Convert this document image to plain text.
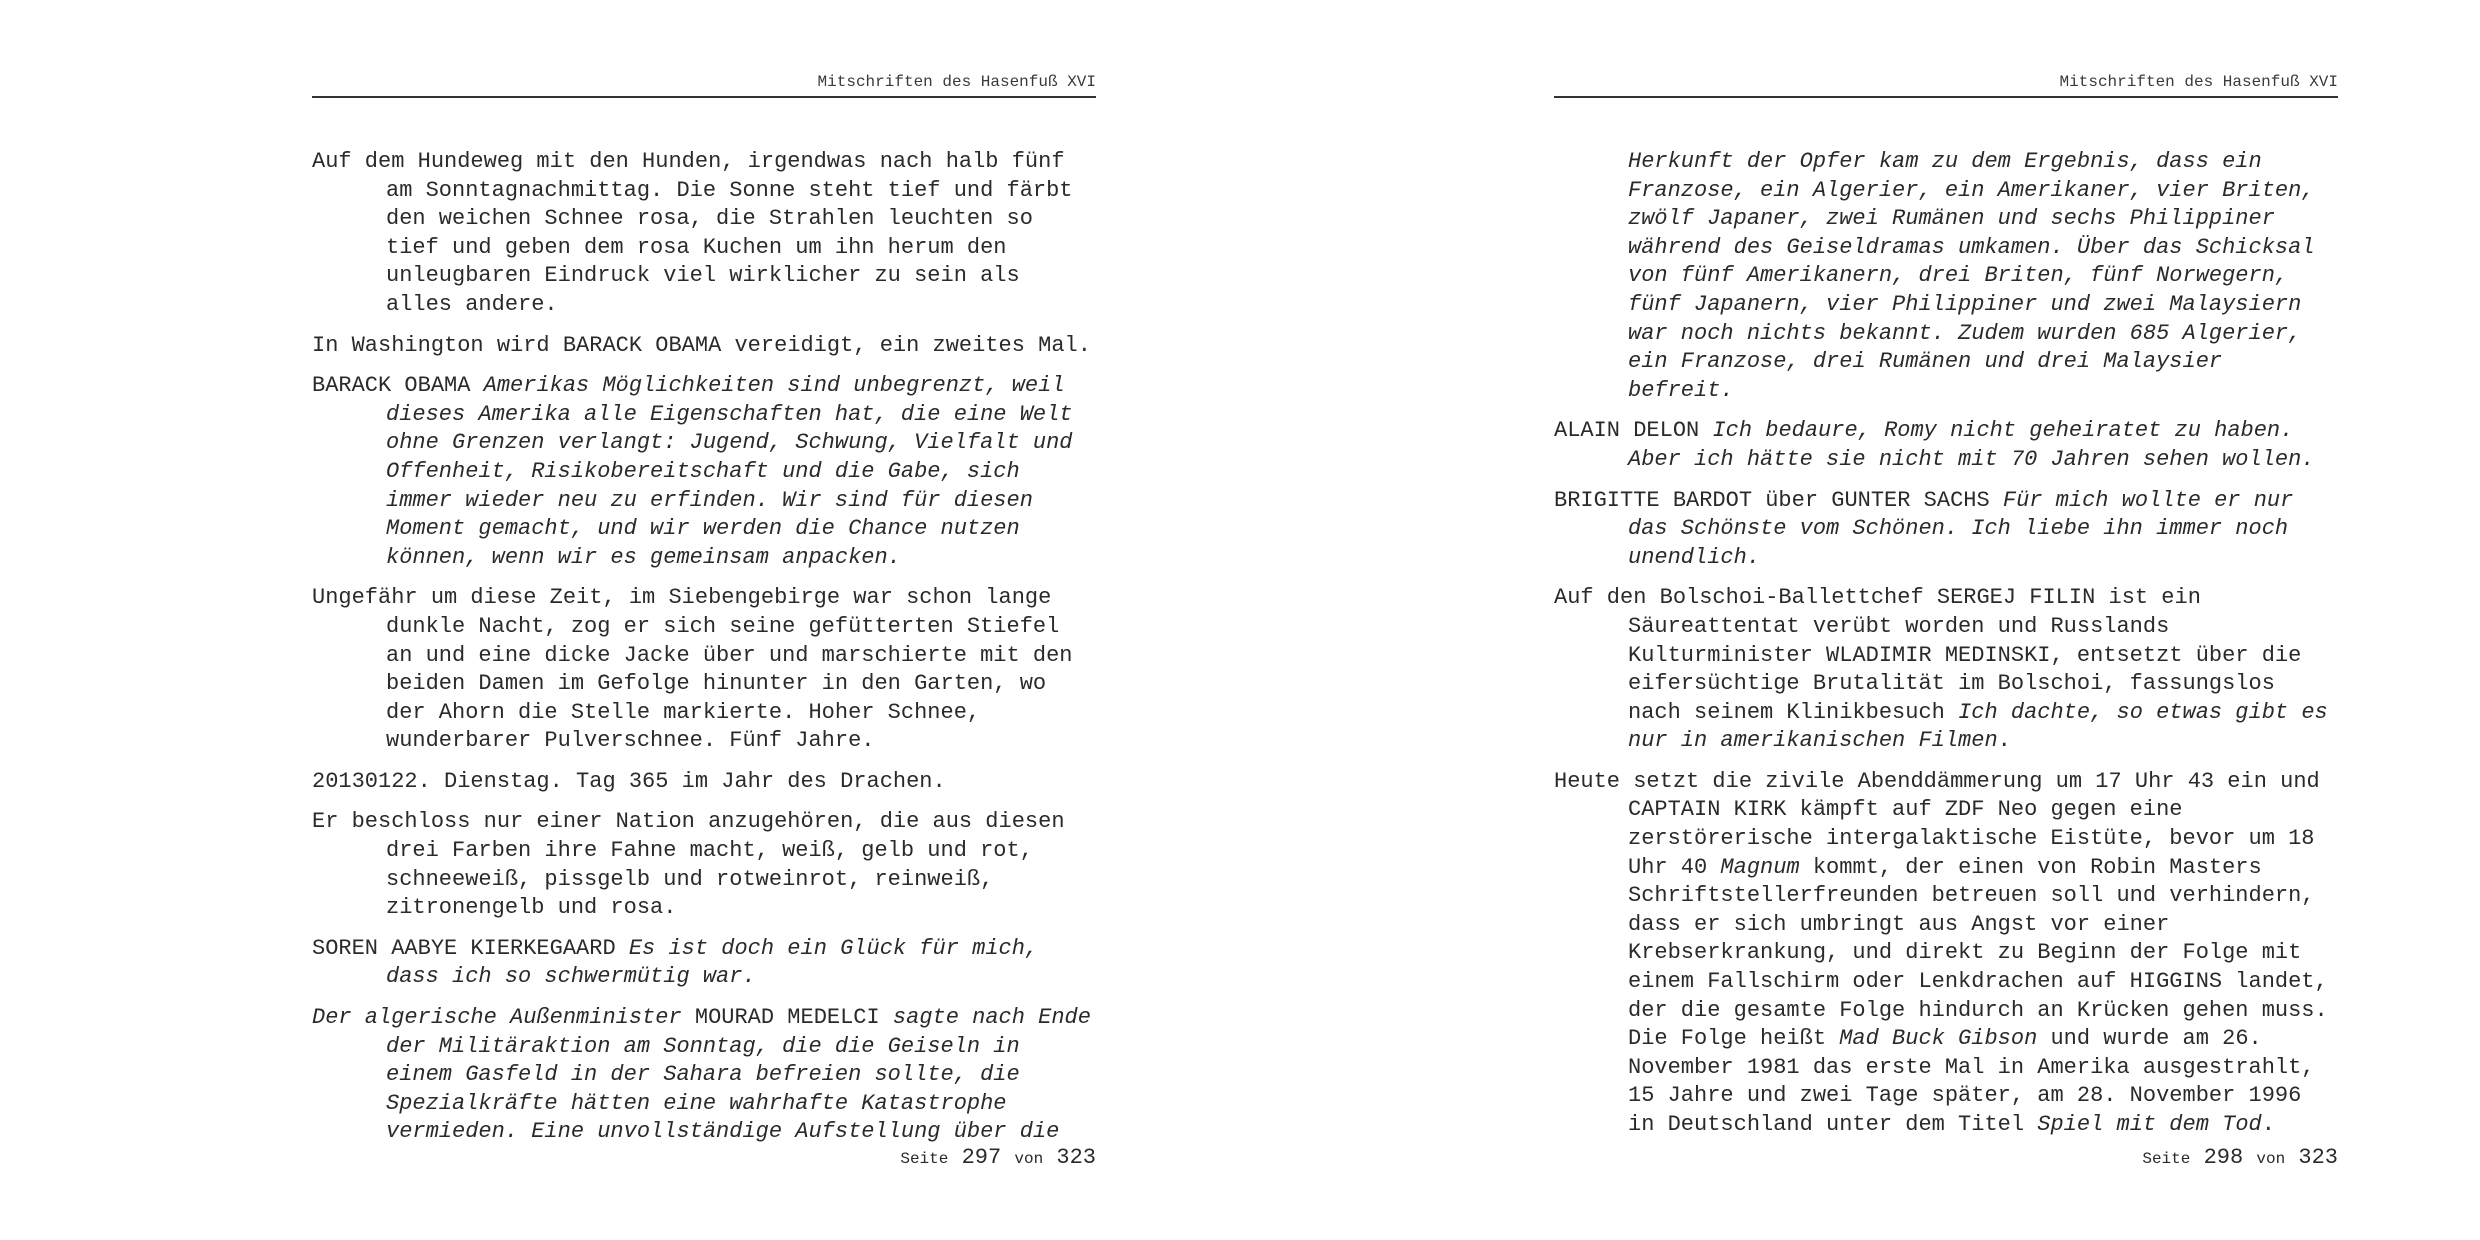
Mitschriften des Hasenfuß XVI

Auf dem Hundeweg mit den Hunden, irgendwas nach halb fünf am Sonntagnachmittag. Die Sonne steht tief und färbt den weichen Schnee rosa, die Strahlen leuchten so tief und geben dem rosa Kuchen um ihn herum den unleugbaren Eindruck viel wirklicher zu sein als alles andere.

In Washington wird BARACK OBAMA vereidigt, ein zweites Mal.

BARACK OBAMA Amerikas Möglichkeiten sind unbegrenzt, weil dieses Amerika alle Eigenschaften hat, die eine Welt ohne Grenzen verlangt: Jugend, Schwung, Vielfalt und Offenheit, Risikobereitschaft und die Gabe, sich immer wieder neu zu erfinden. Wir sind für diesen Moment gemacht, und wir werden die Chance nutzen können, wenn wir es gemeinsam anpacken.

Ungefähr um diese Zeit, im Siebengebirge war schon lange dunkle Nacht, zog er sich seine gefütterten Stiefel an und eine dicke Jacke über und marschierte mit den beiden Damen im Gefolge hinunter in den Garten, wo der Ahorn die Stelle markierte. Hoher Schnee, wunderbarer Pulverschnee. Fünf Jahre.

20130122. Dienstag. Tag 365 im Jahr des Drachen.

Er beschloss nur einer Nation anzugehören, die aus diesen drei Farben ihre Fahne macht, weiß, gelb und rot, schneeweiß, pissgelb und rotweinrot, reinweiß, zitronengelb und rosa.

SOREN AABYE KIERKEGAARD Es ist doch ein Glück für mich, dass ich so schwermütig war.

Der algerische Außenminister MOURAD MEDELCI sagte nach Ende der Militäraktion am Sonntag, die die Geiseln in einem Gasfeld in der Sahara befreien sollte, die Spezialkräfte hätten eine wahrhafte Katastrophe vermieden. Eine unvollständige Aufstellung über die

Seite 297 von 323
Mitschriften des Hasenfuß XVI

Herkunft der Opfer kam zu dem Ergebnis, dass ein Franzose, ein Algerier, ein Amerikaner, vier Briten, zwölf Japaner, zwei Rumänen und sechs Philippiner während des Geiseldramas umkamen. Über das Schicksal von fünf Amerikanern, drei Briten, fünf Norwegern, fünf Japanern, vier Philippiner und zwei Malaysiern war noch nichts bekannt. Zudem wurden 685 Algerier, ein Franzose, drei Rumänen und drei Malaysier befreit.

ALAIN DELON Ich bedaure, Romy nicht geheiratet zu haben. Aber ich hätte sie nicht mit 70 Jahren sehen wollen.

BRIGITTE BARDOT über GUNTER SACHS Für mich wollte er nur das Schönste vom Schönen. Ich liebe ihn immer noch unendlich.

Auf den Bolschoi-Ballettchef SERGEJ FILIN ist ein Säureattentat verübt worden und Russlands Kulturminister WLADIMIR MEDINSKI, entsetzt über die eifersüchtige Brutalität im Bolschoi, fassungslos nach seinem Klinikbesuch Ich dachte, so etwas gibt es nur in amerikanischen Filmen.

Heute setzt die zivile Abenddämmerung um 17 Uhr 43 ein und CAPTAIN KIRK kämpft auf ZDF Neo gegen eine zerstörerische intergalaktische Eistüte, bevor um 18 Uhr 40 Magnum kommt, der einen von Robin Masters Schriftstellerfreunden betreuen soll und verhindern, dass er sich umbringt aus Angst vor einer Krebserkrankung, und direkt zu Beginn der Folge mit einem Fallschirm oder Lenkdrachen auf HIGGINS landet, der die gesamte Folge hindurch an Krücken gehen muss. Die Folge heißt Mad Buck Gibson und wurde am 26. November 1981 das erste Mal in Amerika ausgestrahlt, 15 Jahre und zwei Tage später, am 28. November 1996 in Deutschland unter dem Titel Spiel mit dem Tod.

Seite 298 von 323
